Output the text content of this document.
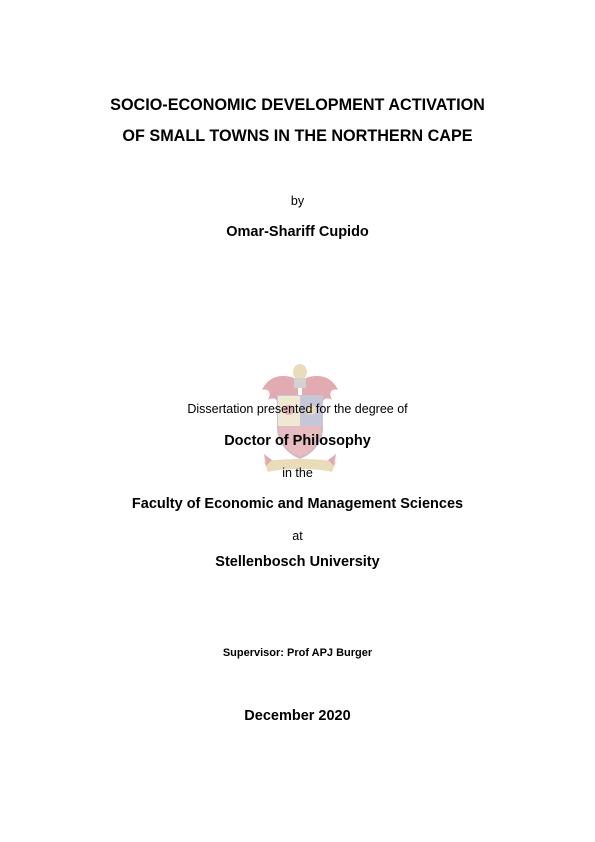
SOCIO-ECONOMIC DEVELOPMENT ACTIVATION
OF SMALL TOWNS IN THE NORTHERN CAPE
by
Omar-Shariff Cupido
Dissertation presented for the degree of
Doctor of Philosophy
in the
Faculty of Economic and Management Sciences
at
Stellenbosch University
Supervisor: Prof APJ Burger
December 2020
